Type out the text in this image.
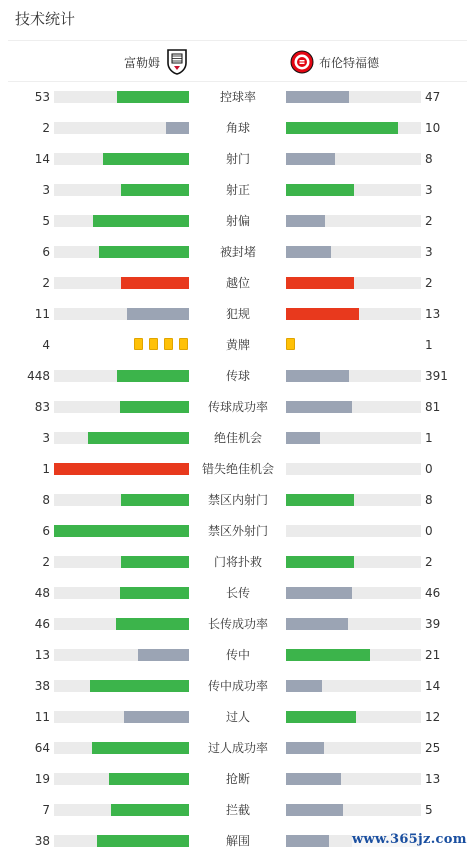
技术统计
富勒姆	布伦特福德
53	控球率	47
2	角球	10
14	射门	8
3	射正	3
5	射偏	2
6	被封堵	3
2	越位	2
11	犯规	13
4	黄牌	1
448	传球	391
83	传球成功率	81
3	绝佳机会	1
1	错失绝佳机会	0
8	禁区内射门	8
6	禁区外射门	0
2	门将扑救	2
48	长传	46
46	长传成功率	39
13	传中	21
38	传中成功率	14
11	过人	12
64	过人成功率	25
19	抢断	13
7	拦截	5
38	解围	www.365jz.com
